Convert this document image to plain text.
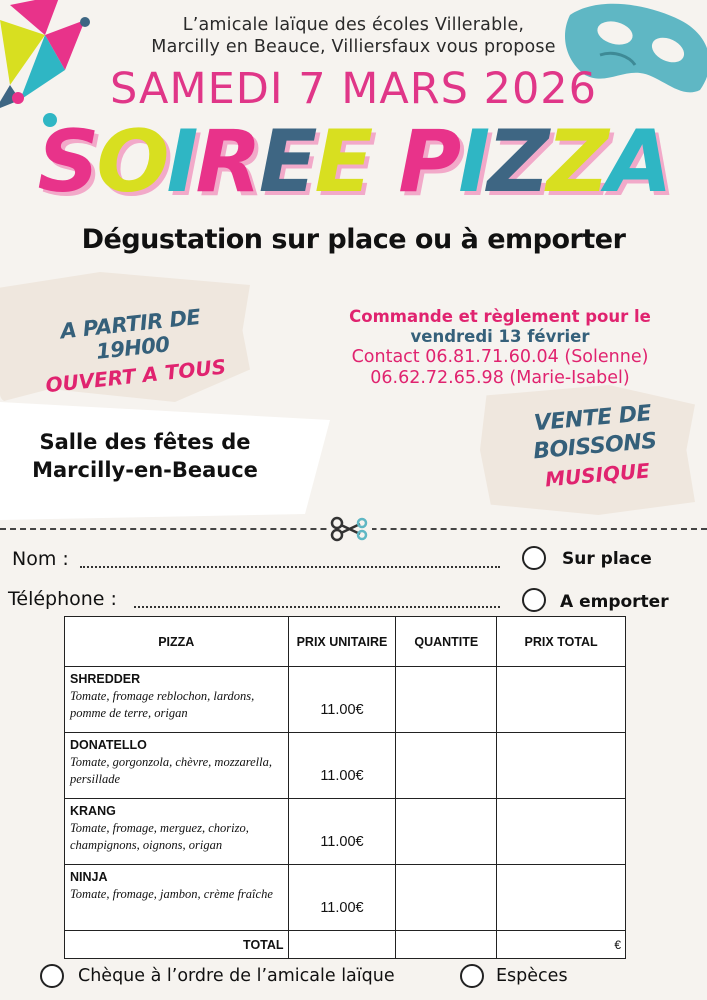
L’amicale laïque des écoles Villerable,
Marcilly en Beauce, Villiersfaux vous propose
SAMEDI 7 MARS 2026
SOIREE PIZZA
Dégustation sur place ou à emporter
A PARTIR DE 19H00
OUVERT A TOUS
Commande et règlement pour le
vendredi 13 février
Contact 06.81.71.60.04 (Solenne)
06.62.72.65.98 (Marie-Isabel)
Salle des fêtes de
Marcilly-en-Beauce
VENTE DE
BOISSONS
MUSIQUE
Nom :
Téléphone :
Sur place
A emporter
PIZZA	PRIX UNITAIRE	QUANTITE	PRIX TOTAL

SHREDDER
Tomate, fromage reblochon, lardons, pomme de terre, origan	11.00€		

DONATELLO
Tomate, gorgonzola, chèvre, mozzarella, persillade	11.00€		

KRANG
Tomate, fromage, merguez, chorizo, champignons, oignons, origan	11.00€		

NINJA
Tomate, fromage, jambon, crème fraîche	11.00€		
TOTAL			€
Chèque à l’ordre de l’amicale laïque	Espèces
